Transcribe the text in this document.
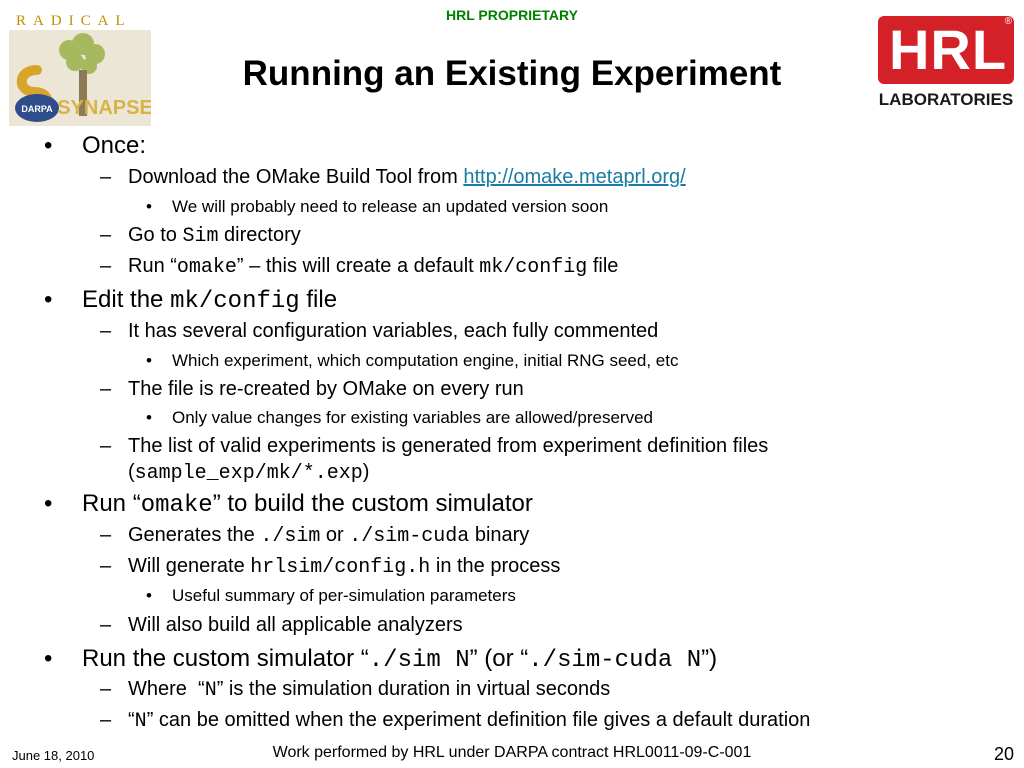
HRL PROPRIETARY
Running an Existing Experiment
RADICAL
DARPA SYNAPSE
HRL
®
LABORATORIES
• Once:
– Download the OMake Build Tool from http://omake.metaprl.org/
• We will probably need to release an updated version soon
– Go to Sim directory
– Run “omake” – this will create a default mk/config file
• Edit the mk/config file
– It has several configuration variables, each fully commented
• Which experiment, which computation engine, initial RNG seed, etc
– The file is re-created by OMake on every run
• Only value changes for existing variables are allowed/preserved
– The list of valid experiments is generated from experiment definition files
(sample_exp/mk/*.exp)
• Run “omake” to build the custom simulator
– Generates the ./sim or ./sim-cuda binary
– Will generate hrlsim/config.h in the process
• Useful summary of per-simulation parameters
– Will also build all applicable analyzers
• Run the custom simulator “./sim N” (or “./sim-cuda N”)
– Where  “N” is the simulation duration in virtual seconds
– “N” can be omitted when the experiment definition file gives a default duration
June 18, 2010	Work performed by HRL under DARPA contract HRL0011-09-C-001	20
